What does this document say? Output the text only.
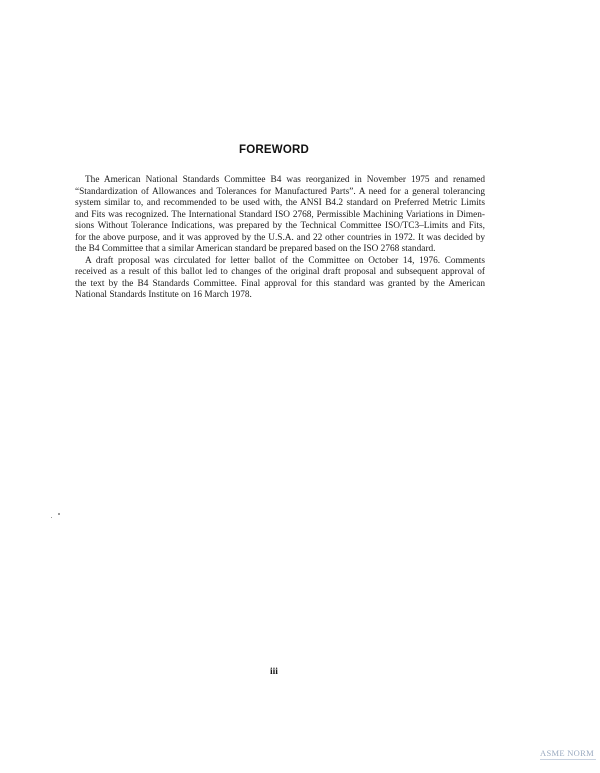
FOREWORD
The American National Standards Committee B4 was reorganized in November 1975 and renamed
“Standardization of Allowances and Tolerances for Manufactured Parts”. A need for a general tolerancing
system similar to, and recommended to be used with, the ANSI B4.2 standard on Preferred Metric Limits
and Fits was recognized. The International Standard ISO 2768, Permissible Machining Variations in Dimen-
sions Without Tolerance Indications, was prepared by the Technical Committee ISO/TC3–Limits and Fits,
for the above purpose, and it was approved by the U.S.A. and 22 other countries in 1972. It was decided by
the B4 Committee that a similar American standard be prepared based on the ISO 2768 standard.
A draft proposal was circulated for letter ballot of the Committee on October 14, 1976. Comments
received as a result of this ballot led to changes of the original draft proposal and subsequent approval of
the text by the B4 Standards Committee. Final approval for this standard was granted by the American
National Standards Institute on 16 March 1978.
iii
ASME NORM
